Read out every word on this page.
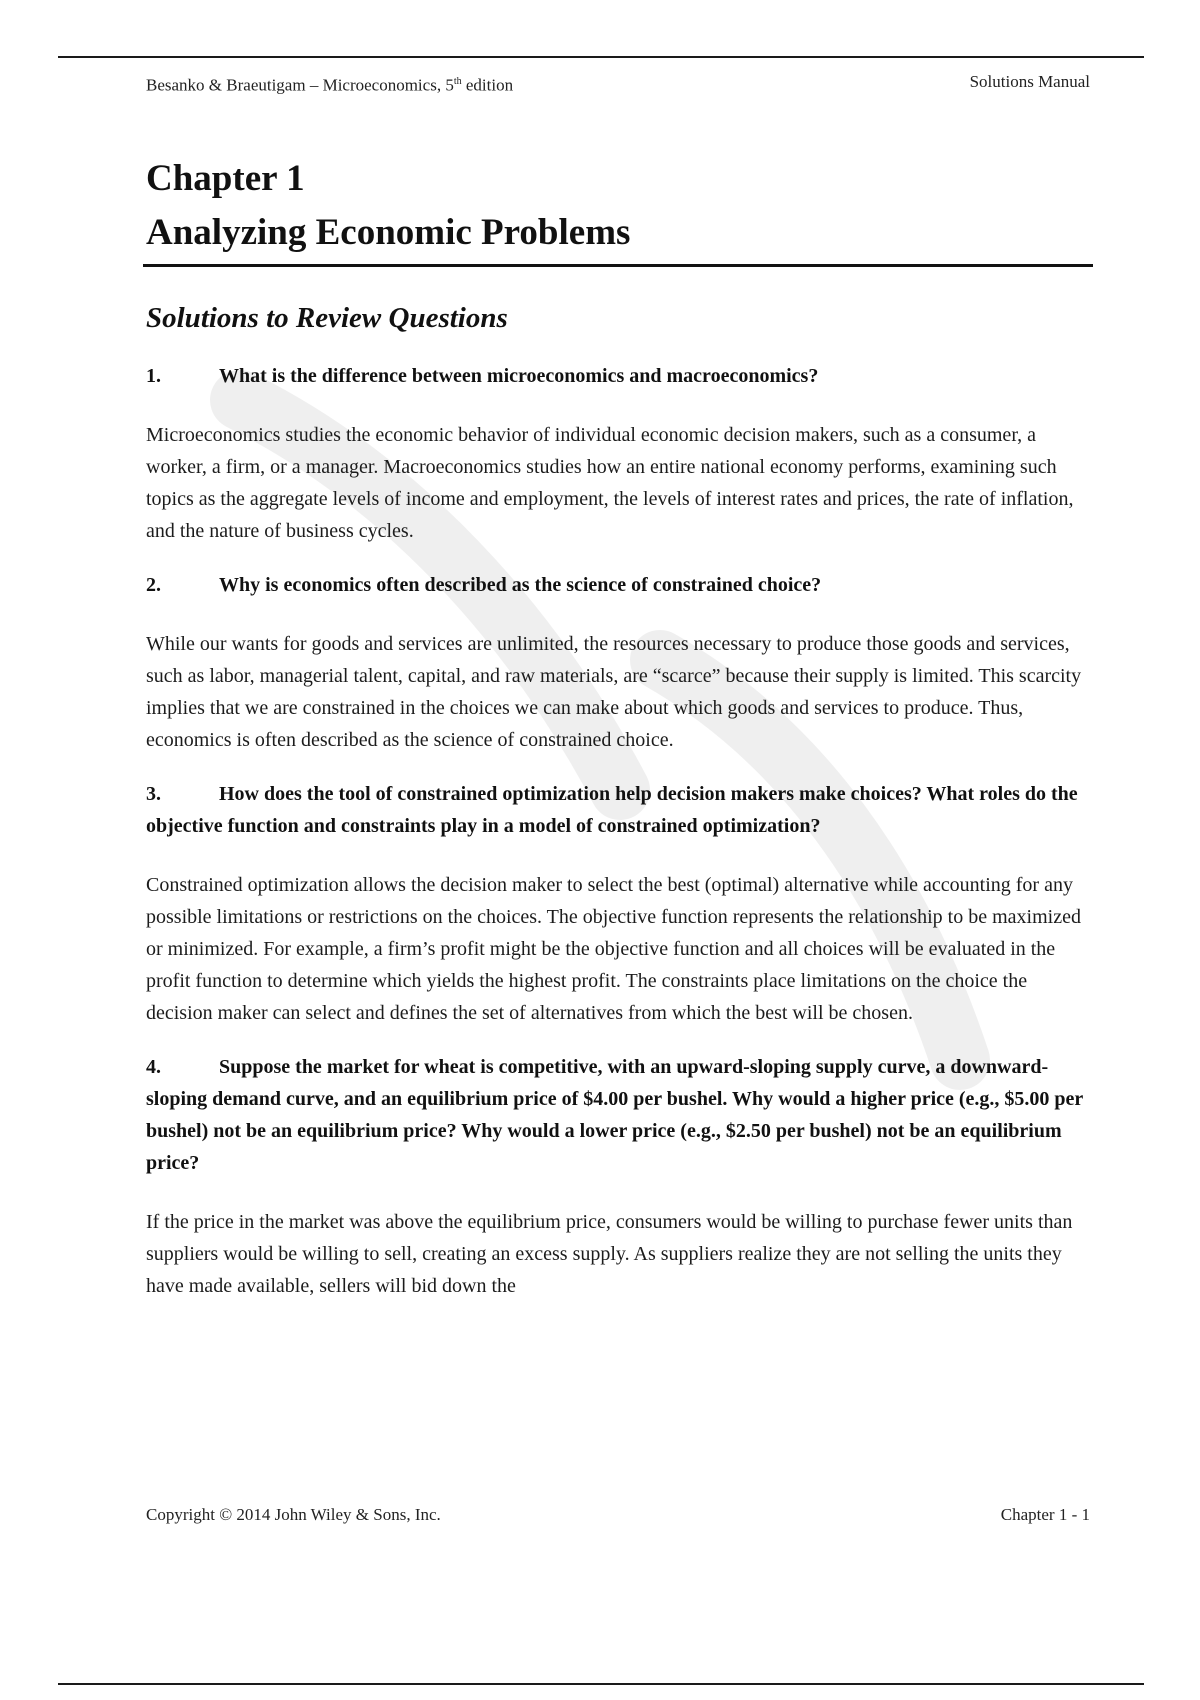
Besanko & Braeutigam – Microeconomics, 5th edition	Solutions Manual
Chapter 1
Analyzing Economic Problems
Solutions to Review Questions
1.	What is the difference between microeconomics and macroeconomics?
Microeconomics studies the economic behavior of individual economic decision makers, such as a consumer, a worker, a firm, or a manager. Macroeconomics studies how an entire national economy performs, examining such topics as the aggregate levels of income and employment, the levels of interest rates and prices, the rate of inflation, and the nature of business cycles.
2.	Why is economics often described as the science of constrained choice?
While our wants for goods and services are unlimited, the resources necessary to produce those goods and services, such as labor, managerial talent, capital, and raw materials, are “scarce” because their supply is limited. This scarcity implies that we are constrained in the choices we can make about which goods and services to produce. Thus, economics is often described as the science of constrained choice.
3.	How does the tool of constrained optimization help decision makers make choices? What roles do the objective function and constraints play in a model of constrained optimization?
Constrained optimization allows the decision maker to select the best (optimal) alternative while accounting for any possible limitations or restrictions on the choices. The objective function represents the relationship to be maximized or minimized. For example, a firm’s profit might be the objective function and all choices will be evaluated in the profit function to determine which yields the highest profit. The constraints place limitations on the choice the decision maker can select and defines the set of alternatives from which the best will be chosen.
4.	Suppose the market for wheat is competitive, with an upward-sloping supply curve, a downward-sloping demand curve, and an equilibrium price of $4.00 per bushel. Why would a higher price (e.g., $5.00 per bushel) not be an equilibrium price? Why would a lower price (e.g., $2.50 per bushel) not be an equilibrium price?
If the price in the market was above the equilibrium price, consumers would be willing to purchase fewer units than suppliers would be willing to sell, creating an excess supply. As suppliers realize they are not selling the units they have made available, sellers will bid down the
Copyright © 2014 John Wiley & Sons, Inc.	Chapter 1 - 1
